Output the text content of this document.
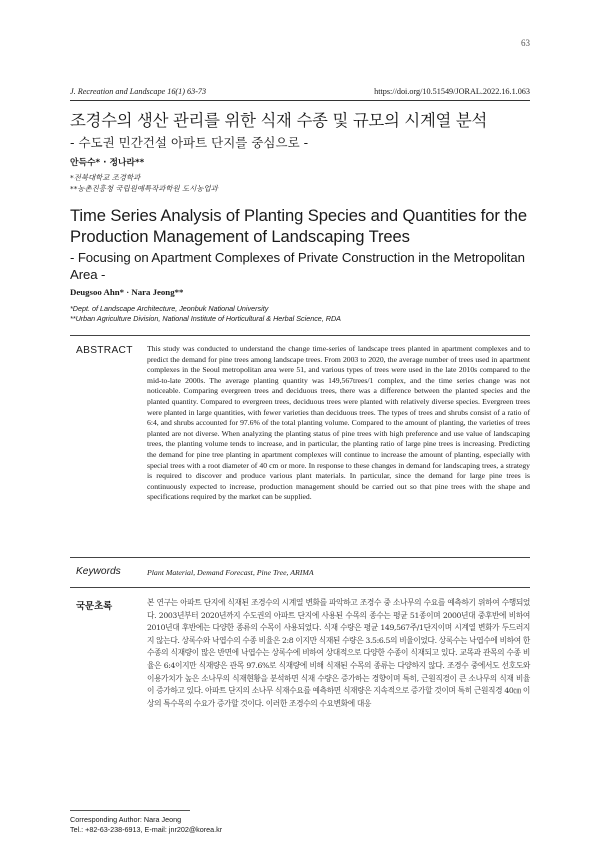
63
J. Recreation and Landscape 16(1) 63-73	https://doi.org/10.51549/JORAL.2022.16.1.063
조경수의 생산 관리를 위한 식재 수종 및 규모의 시계열 분석
- 수도권 민간건설 아파트 단지를 중심으로 -
안득수* · 정나라**
*전북대학교 조경학과
**농촌진흥청 국립원예특작과학원 도시농업과
Time Series Analysis of Planting Species and Quantities for the Production Management of Landscaping Trees
- Focusing on Apartment Complexes of Private Construction in the Metropolitan Area -
Deugsoo Ahn* · Nara Jeong**
*Dept. of Landscape Architecture, Jeonbuk National University
**Urban Agriculture Division, National Institute of Horticultural & Herbal Science, RDA
ABSTRACT This study was conducted to understand the change time-series of landscape trees planted in apartment complexes and to predict the demand for pine trees among landscape trees. From 2003 to 2020, the average number of trees used in apartment complexes in the Seoul metropolitan area were 51, and various types of trees were used in the late 2010s compared to the mid-to-late 2000s. The average planting quantity was 149,567trees/1 complex, and the time series change was not noticeable. Comparing evergreen trees and deciduous trees, there was a difference between the planted species and the planted quantity. Compared to evergreen trees, deciduous trees were planted with relatively diverse species. Evergreen trees were planted in large quantities, with fewer varieties than deciduous trees. The types of trees and shrubs consist of a ratio of 6:4, and shrubs accounted for 97.6% of the total planting volume. Compared to the amount of planting, the varieties of trees planted are not diverse. When analyzing the planting status of pine trees with high preference and use value of landscaping trees, the planting volume tends to increase, and in particular, the planting ratio of large pine trees is increasing. Predicting the demand for pine tree planting in apartment complexes will continue to increase the amount of planting, especially with special trees with a root diameter of 40 cm or more. In response to these changes in demand for landscaping trees, a strategy is required to discover and produce various plant materials. In particular, since the demand for large pine trees is continuously expected to increase, production management should be carried out so that pine trees with the shape and specifications required by the market can be supplied.
Keywords	Plant Material, Demand Forecast, Pine Tree, ARIMA
국문초록	본 연구는 아파트 단지에 식재된 조경수의 시계열 변화를 파악하고 조경수 중 소나무의 수요를 예측하기 위하여 수행되었다. 2003년부터 2020년까지 수도권의 아파트 단지에 사용된 수목의 종수는 평균 51종이며 2000년대 중후반에 비하여 2010년대 후반에는 다양한 종류의 수목이 사용되었다. 식재 수량은 평균 149,567주/1단지이며 시계열 변화가 두드러지지 않는다. 상록수와 낙엽수의 수종 비율은 2:8 이지만 식재된 수량은 3.5:6.5의 비율이었다. 상록수는 낙엽수에 비하여 한 수종의 식재량이 많은 반면에 낙엽수는 상록수에 비하여 상대적으로 다양한 수종이 식재되고 있다. 교목과 관목의 수종 비율은 6:4이지만 식재량은 관목 97.6%로 식재량에 비해 식재된 수목의 종류는 다양하지 않다. 조경수 중에서도 선호도와 이용가치가 높은 소나무의 식재현황을 분석하면 식재 수량은 증가하는 경향이며 특히, 근원직경이 큰 소나무의 식재 비율이 증가하고 있다. 아파트 단지의 소나무 식재수요를 예측하면 식재량은 지속적으로 증가할 것이며 특히 근원직경 40㎝ 이상의 특수목의 수요가 증가할 것이다. 이러한 조경수의 수요변화에 대응
Corresponding Author: Nara Jeong
Tel.: +82-63-238-6913, E-mail: jnr202@korea.kr
